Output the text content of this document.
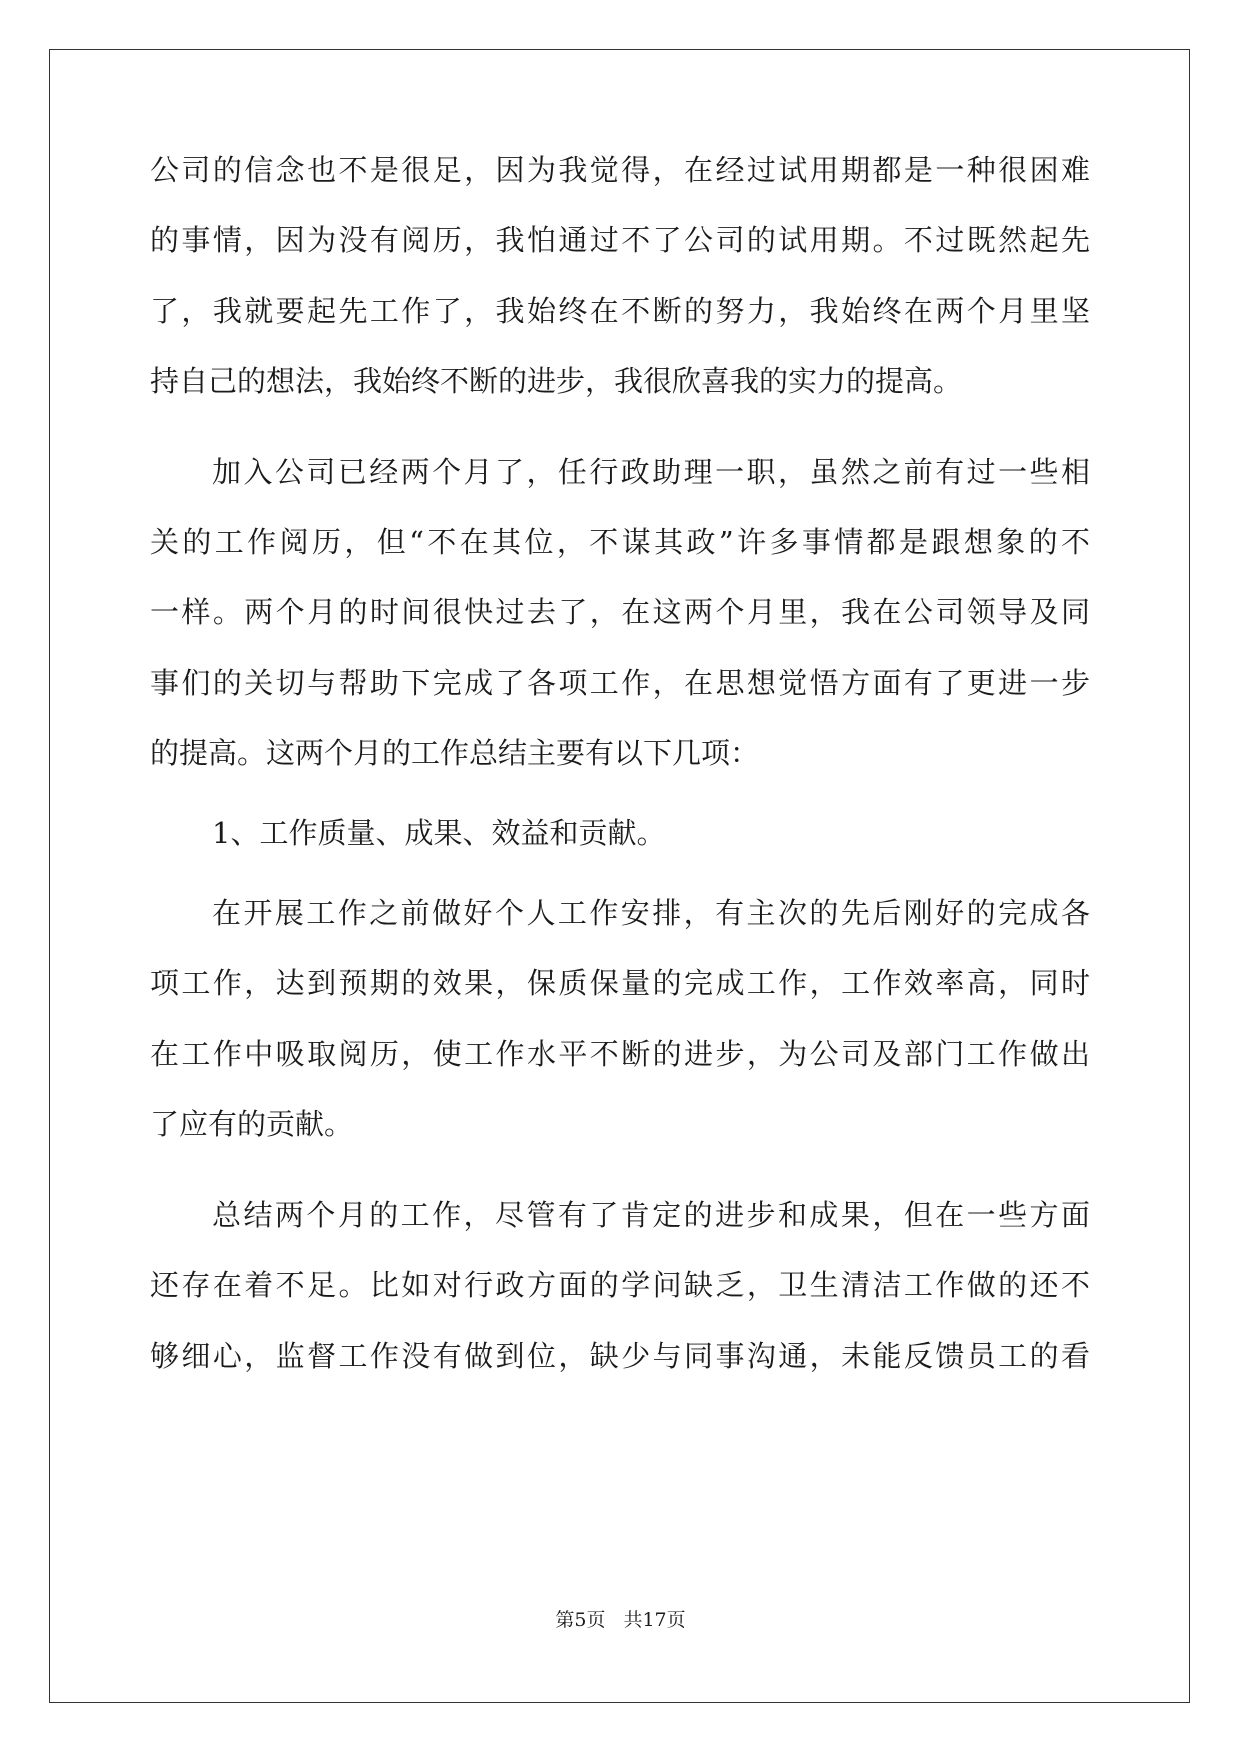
公司的信念也不是很足，因为我觉得，在经过试用期都是一种很困难
的事情，因为没有阅历，我怕通过不了公司的试用期。不过既然起先
了，我就要起先工作了，我始终在不断的努力，我始终在两个月里坚
持自己的想法，我始终不断的进步，我很欣喜我的实力的提高。
加入公司已经两个月了，任行政助理一职，虽然之前有过一些相
关的工作阅历，但“不在其位，不谋其政”许多事情都是跟想象的不
一样。两个月的时间很快过去了，在这两个月里，我在公司领导及同
事们的关切与帮助下完成了各项工作，在思想觉悟方面有了更进一步
的提高。这两个月的工作总结主要有以下几项：
1、工作质量、成果、效益和贡献。
在开展工作之前做好个人工作安排，有主次的先后刚好的完成各
项工作，达到预期的效果，保质保量的完成工作，工作效率高，同时
在工作中吸取阅历，使工作水平不断的进步，为公司及部门工作做出
了应有的贡献。
总结两个月的工作，尽管有了肯定的进步和成果，但在一些方面
还存在着不足。比如对行政方面的学问缺乏，卫生清洁工作做的还不
够细心，监督工作没有做到位，缺少与同事沟通，未能反馈员工的看
第5页 共17页
